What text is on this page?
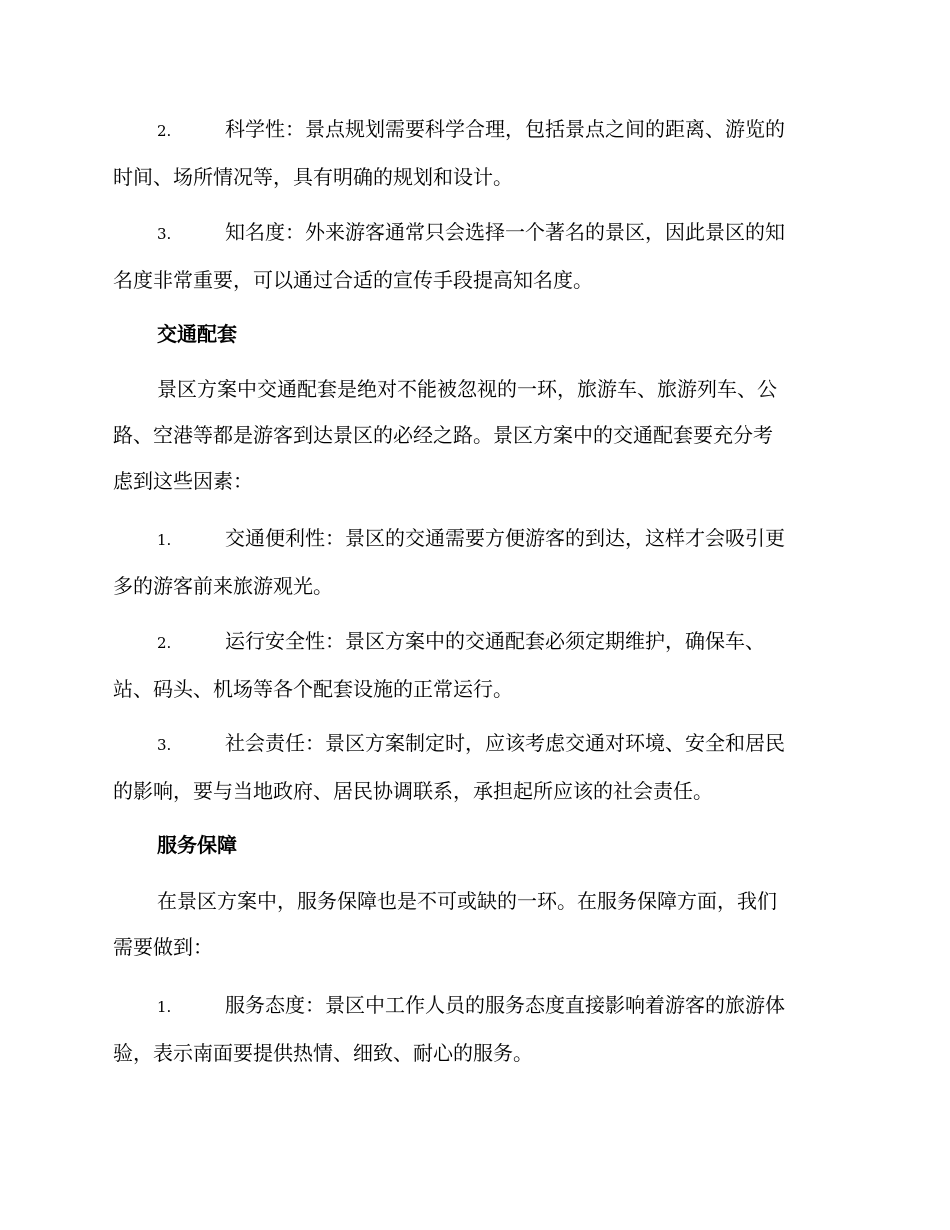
2.	科学性：景点规划需要科学合理，包括景点之间的距离、游览的
时间、场所情况等，具有明确的规划和设计。
3.	知名度：外来游客通常只会选择一个著名的景区，因此景区的知
名度非常重要，可以通过合适的宣传手段提高知名度。
交通配套
景区方案中交通配套是绝对不能被忽视的一环，旅游车、旅游列车、公
路、空港等都是游客到达景区的必经之路。景区方案中的交通配套要充分考
虑到这些因素：
1.	交通便利性：景区的交通需要方便游客的到达，这样才会吸引更
多的游客前来旅游观光。
2.	运行安全性：景区方案中的交通配套必须定期维护，确保车、
站、码头、机场等各个配套设施的正常运行。
3.	社会责任：景区方案制定时，应该考虑交通对环境、安全和居民
的影响，要与当地政府、居民协调联系，承担起所应该的社会责任。
服务保障
在景区方案中，服务保障也是不可或缺的一环。在服务保障方面，我们
需要做到：
1.	服务态度：景区中工作人员的服务态度直接影响着游客的旅游体
验，表示南面要提供热情、细致、耐心的服务。
